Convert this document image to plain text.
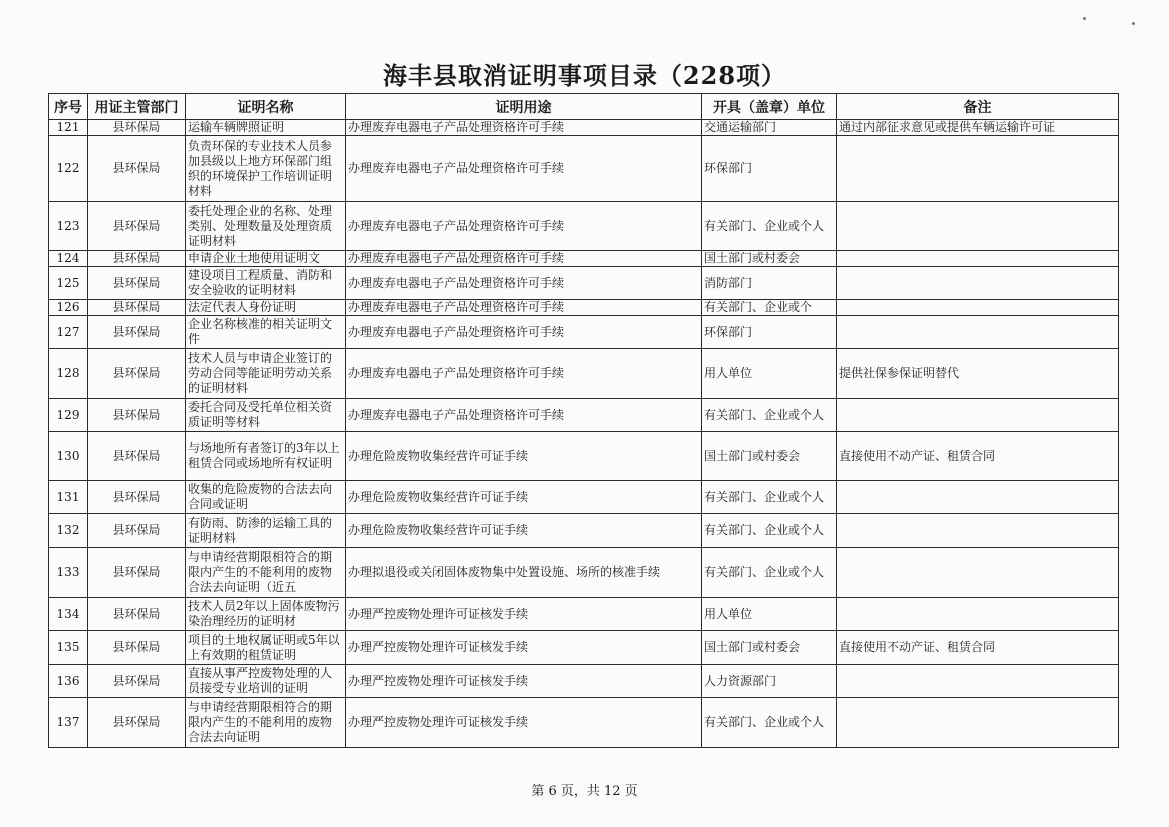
海丰县取消证明事项目录（228项）
序号	用证主管部门	证明名称	证明用途	开具（盖章）单位	备注
121	县环保局	运输车辆牌照证明	办理废弃电器电子产品处理资格许可手续	交通运输部门	通过内部征求意见或提供车辆运输许可证
122	县环保局	负责环保的专业技术人员参加县级以上地方环保部门组织的环境保护工作培训证明材料	办理废弃电器电子产品处理资格许可手续	环保部门	
123	县环保局	委托处理企业的名称、处理类别、处理数量及处理资质证明材料	办理废弃电器电子产品处理资格许可手续	有关部门、企业或个人	
124	县环保局	申请企业土地使用证明文	办理废弃电器电子产品处理资格许可手续	国土部门或村委会	
125	县环保局	建设项目工程质量、消防和安全验收的证明材料	办理废弃电器电子产品处理资格许可手续	消防部门	
126	县环保局	法定代表人身份证明	办理废弃电器电子产品处理资格许可手续	有关部门、企业或个	
127	县环保局	企业名称核准的相关证明文件	办理废弃电器电子产品处理资格许可手续	环保部门	
128	县环保局	技术人员与申请企业签订的劳动合同等能证明劳动关系的证明材料	办理废弃电器电子产品处理资格许可手续	用人单位	提供社保参保证明替代
129	县环保局	委托合同及受托单位相关资质证明等材料	办理废弃电器电子产品处理资格许可手续	有关部门、企业或个人	
130	县环保局	与场地所有者签订的3年以上租赁合同或场地所有权证明	办理危险废物收集经营许可证手续	国土部门或村委会	直接使用不动产证、租赁合同
131	县环保局	收集的危险废物的合法去向合同或证明	办理危险废物收集经营许可证手续	有关部门、企业或个人	
132	县环保局	有防雨、防渗的运输工具的证明材料	办理危险废物收集经营许可证手续	有关部门、企业或个人	
133	县环保局	与申请经营期限相符合的期限内产生的不能利用的废物合法去向证明（近五	办理拟退役或关闭固体废物集中处置设施、场所的核准手续	有关部门、企业或个人	
134	县环保局	技术人员2年以上固体废物污染治理经历的证明材	办理严控废物处理许可证核发手续	用人单位	
135	县环保局	项目的土地权属证明或5年以上有效期的租赁证明	办理严控废物处理许可证核发手续	国土部门或村委会	直接使用不动产证、租赁合同
136	县环保局	直接从事严控废物处理的人员接受专业培训的证明	办理严控废物处理许可证核发手续	人力资源部门	
137	县环保局	与申请经营期限相符合的期限内产生的不能利用的废物合法去向证明	办理严控废物处理许可证核发手续	有关部门、企业或个人	
第 6 页，共 12 页
